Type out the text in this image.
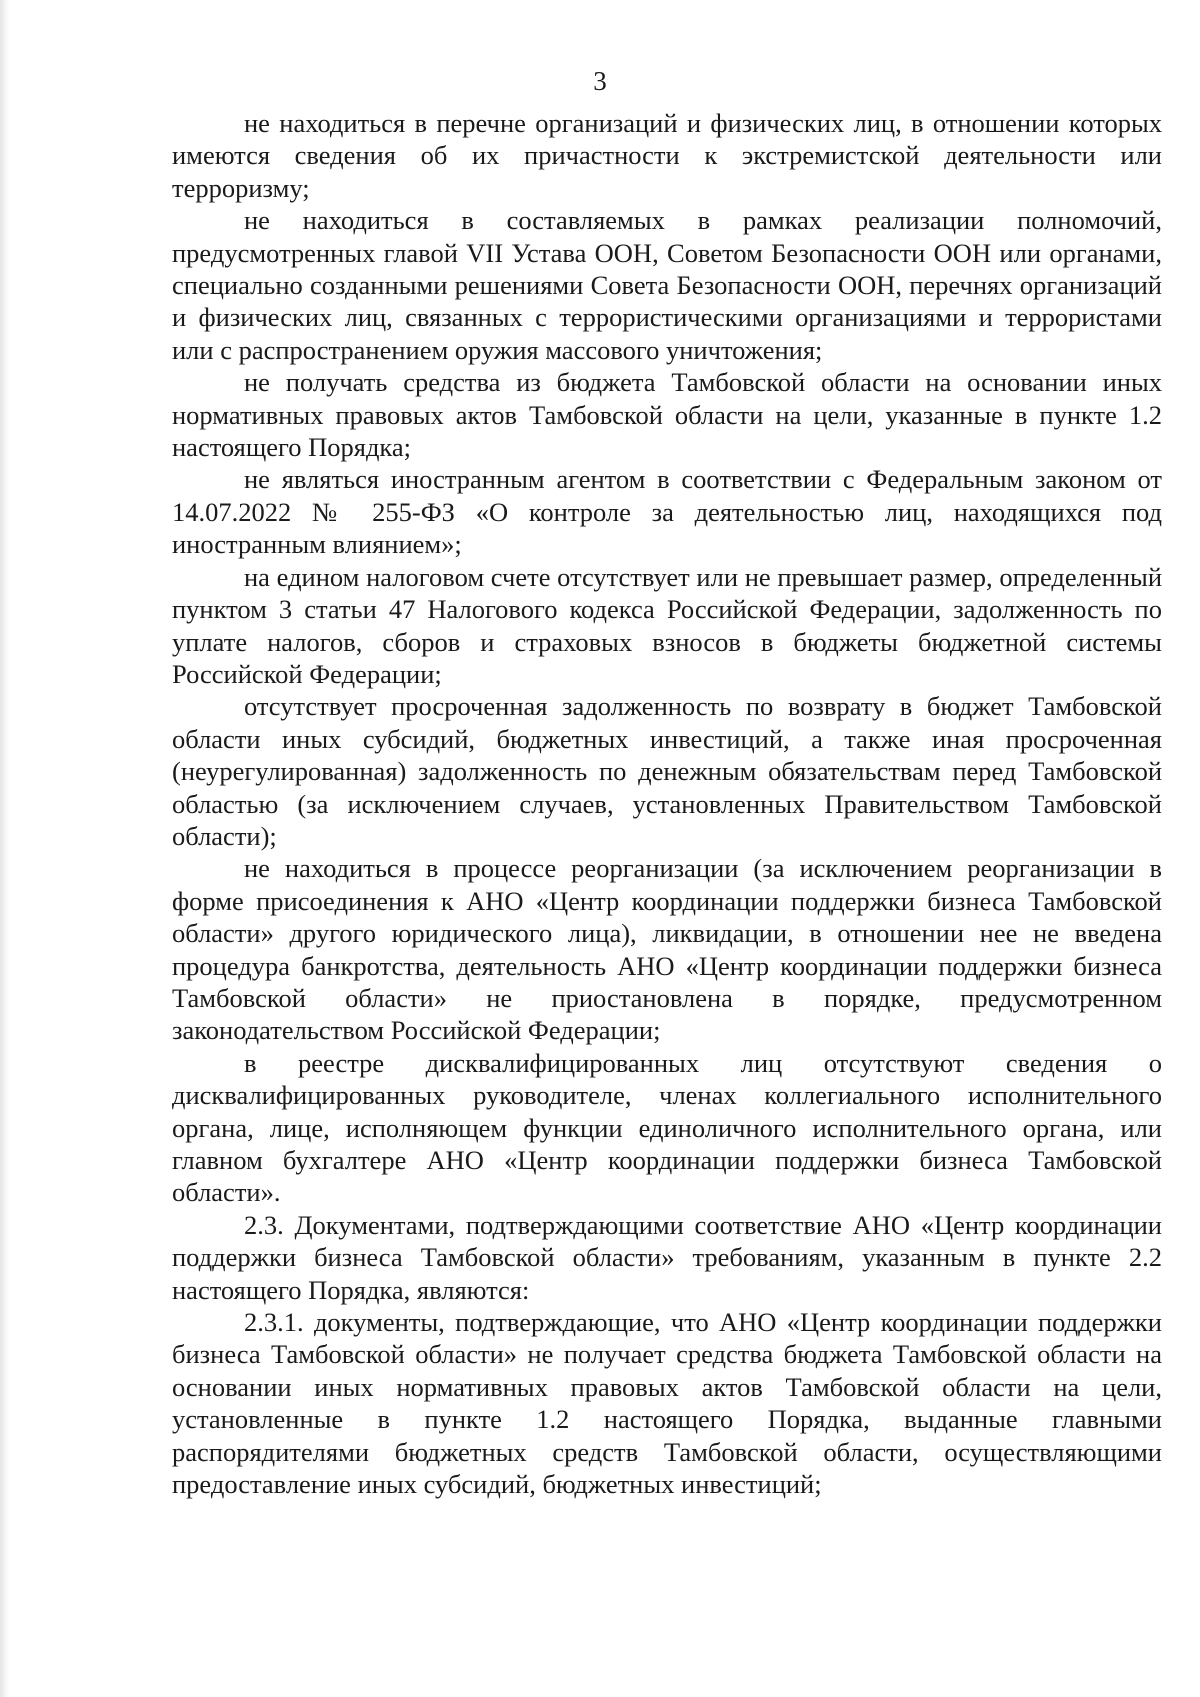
3

не находиться в перечне организаций и физических лиц, в отношении которых имеются сведения об их причастности к экстремистской деятельности или терроризму;

не находиться в составляемых в рамках реализации полномочий, предусмотренных главой VII Устава ООН, Советом Безопасности ООН или органами, специально созданными решениями Совета Безопасности ООН, перечнях организаций и физических лиц, связанных с террористическими организациями и террористами или с распространением оружия массового уничтожения;

не получать средства из бюджета Тамбовской области на основании иных нормативных правовых актов Тамбовской области на цели, указанные в пункте 1.2 настоящего Порядка;

не являться иностранным агентом в соответствии с Федеральным законом от 14.07.2022 № 255-ФЗ «О контроле за деятельностью лиц, находящихся под иностранным влиянием»;

на едином налоговом счете отсутствует или не превышает размер, определенный пунктом 3 статьи 47 Налогового кодекса Российской Федерации, задолженность по уплате налогов, сборов и страховых взносов в бюджеты бюджетной системы Российской Федерации;

отсутствует просроченная задолженность по возврату в бюджет Тамбовской области иных субсидий, бюджетных инвестиций, а также иная просроченная (неурегулированная) задолженность по денежным обязательствам перед Тамбовской областью (за исключением случаев, установленных Правительством Тамбовской области);

не находиться в процессе реорганизации (за исключением реорганизации в форме присоединения к АНО «Центр координации поддержки бизнеса Тамбовской области» другого юридического лица), ликвидации, в отношении нее не введена процедура банкротства, деятельность АНО «Центр координации поддержки бизнеса Тамбовской области» не приостановлена в порядке, предусмотренном законодательством Российской Федерации;

в реестре дисквалифицированных лиц отсутствуют сведения о дисквалифицированных руководителе, членах коллегиального исполнительного органа, лице, исполняющем функции единоличного исполнительного органа, или главном бухгалтере АНО «Центр координации поддержки бизнеса Тамбовской области».

2.3. Документами, подтверждающими соответствие АНО «Центр координации поддержки бизнеса Тамбовской области» требованиям, указанным в пункте 2.2 настоящего Порядка, являются:

2.3.1. документы, подтверждающие, что АНО «Центр координации поддержки бизнеса Тамбовской области» не получает средства бюджета Тамбовской области на основании иных нормативных правовых актов Тамбовской области на цели, установленные в пункте 1.2 настоящего Порядка, выданные главными распорядителями бюджетных средств Тамбовской области, осуществляющими предоставление иных субсидий, бюджетных инвестиций;
